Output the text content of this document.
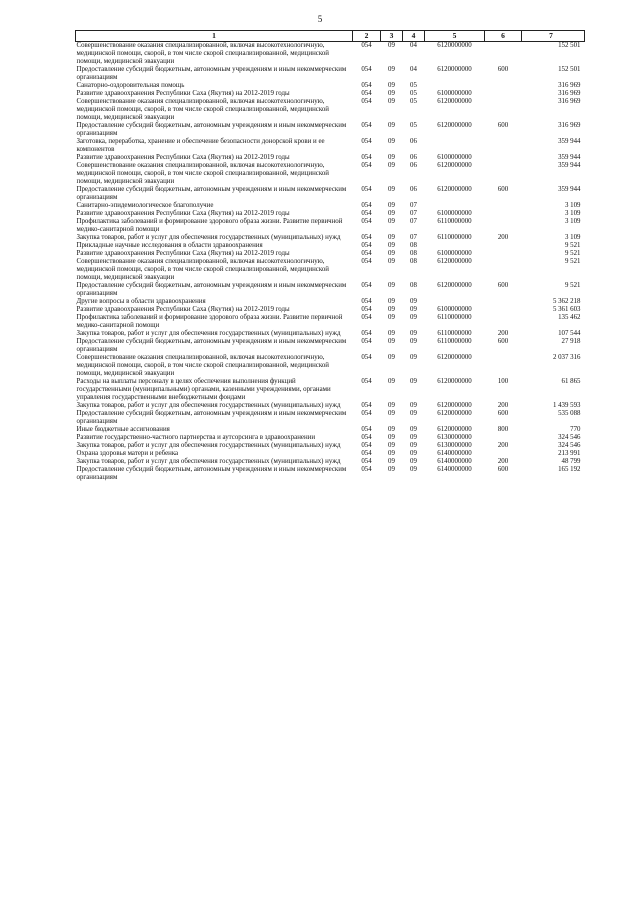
5
1	2	3	4	5	6	7
Совершенствование оказания специализированной, включая высокотехнологичную, медицинской помощи, скорой, в том числе скорой специализированной, медицинской помощи, медицинской эвакуации	054	09	04	6120000000		152 501
Предоставление субсидий бюджетным, автономным учреждениям и иным некоммерческим организациям	054	09	04	6120000000	600	152 501
Санаторно-оздоровительная помощь	054	09	05			316 969
Развитие здравоохранения Республики Саха (Якутия) на 2012-2019 годы	054	09	05	6100000000		316 969
Совершенствование оказания специализированной, включая высокотехнологичную, медицинской помощи, скорой, в том числе скорой специализированной, медицинской помощи, медицинской эвакуации	054	09	05	6120000000		316 969
Предоставление субсидий бюджетным, автономным учреждениям и иным некоммерческим организациям	054	09	05	6120000000	600	316 969
Заготовка, переработка, хранение и обеспечение безопасности донорской крови и ее компонентов	054	09	06			359 944
Развитие здравоохранения Республики Саха (Якутия) на 2012-2019 годы	054	09	06	6100000000		359 944
Совершенствование оказания специализированной, включая высокотехнологичную, медицинской помощи, скорой, в том числе скорой специализированной, медицинской помощи, медицинской эвакуации	054	09	06	6120000000		359 944
Предоставление субсидий бюджетным, автономным учреждениям и иным некоммерческим организациям	054	09	06	6120000000	600	359 944
Санитарно-эпидемиологическое благополучие	054	09	07			3 109
Развитие здравоохранения Республики Саха (Якутия) на 2012-2019 годы	054	09	07	6100000000		3 109
Профилактика заболеваний и формирование здорового образа жизни. Развитие первичной медико-санитарной помощи	054	09	07	6110000000		3 109
Закупка товаров, работ и услуг для обеспечения государственных (муниципальных) нужд	054	09	07	6110000000	200	3 109
Прикладные научные исследования в области здравоохранения	054	09	08			9 521
Развитие здравоохранения Республики Саха (Якутия) на 2012-2019 годы	054	09	08	6100000000		9 521
Совершенствование оказания специализированной, включая высокотехнологичную, медицинской помощи, скорой, в том числе скорой специализированной, медицинской помощи, медицинской эвакуации	054	09	08	6120000000		9 521
Предоставление субсидий бюджетным, автономным учреждениям и иным некоммерческим организациям	054	09	08	6120000000	600	9 521
Другие вопросы в области здравоохранения	054	09	09			5 362 218
Развитие здравоохранения Республики Саха (Якутия) на 2012-2019 годы	054	09	09	6100000000		5 361 603
Профилактика заболеваний и формирование здорового образа жизни. Развитие первичной медико-санитарной помощи	054	09	09	6110000000		135 462
Закупка товаров, работ и услуг для обеспечения государственных (муниципальных) нужд	054	09	09	6110000000	200	107 544
Предоставление субсидий бюджетным, автономным учреждениям и иным некоммерческим организациям	054	09	09	6110000000	600	27 918
Совершенствование оказания специализированной, включая высокотехнологичную, медицинской помощи, скорой, в том числе скорой специализированной, медицинской помощи, медицинской эвакуации	054	09	09	6120000000		2 037 316
Расходы на выплаты персоналу в целях обеспечения выполнения функций государственными (муниципальными) органами, казенными учреждениями, органами управления государственными внебюджетными фондами	054	09	09	6120000000	100	61 865
Закупка товаров, работ и услуг для обеспечения государственных (муниципальных) нужд	054	09	09	6120000000	200	1 439 593
Предоставление субсидий бюджетным, автономным учреждениям и иным некоммерческим организациям	054	09	09	6120000000	600	535 088
Иные бюджетные ассигнования	054	09	09	6120000000	800	770
Развитие государственно-частного партнерства и аутсорсинга в здравоохранении	054	09	09	6130000000		324 546
Закупка товаров, работ и услуг для обеспечения государственных (муниципальных) нужд	054	09	09	6130000000	200	324 546
Охрана здоровья матери и ребенка	054	09	09	6140000000		213 991
Закупка товаров, работ и услуг для обеспечения государственных (муниципальных) нужд	054	09	09	6140000000	200	48 799
Предоставление субсидий бюджетным, автономным учреждениям и иным некоммерческим организациям	054	09	09	6140000000	600	165 192
